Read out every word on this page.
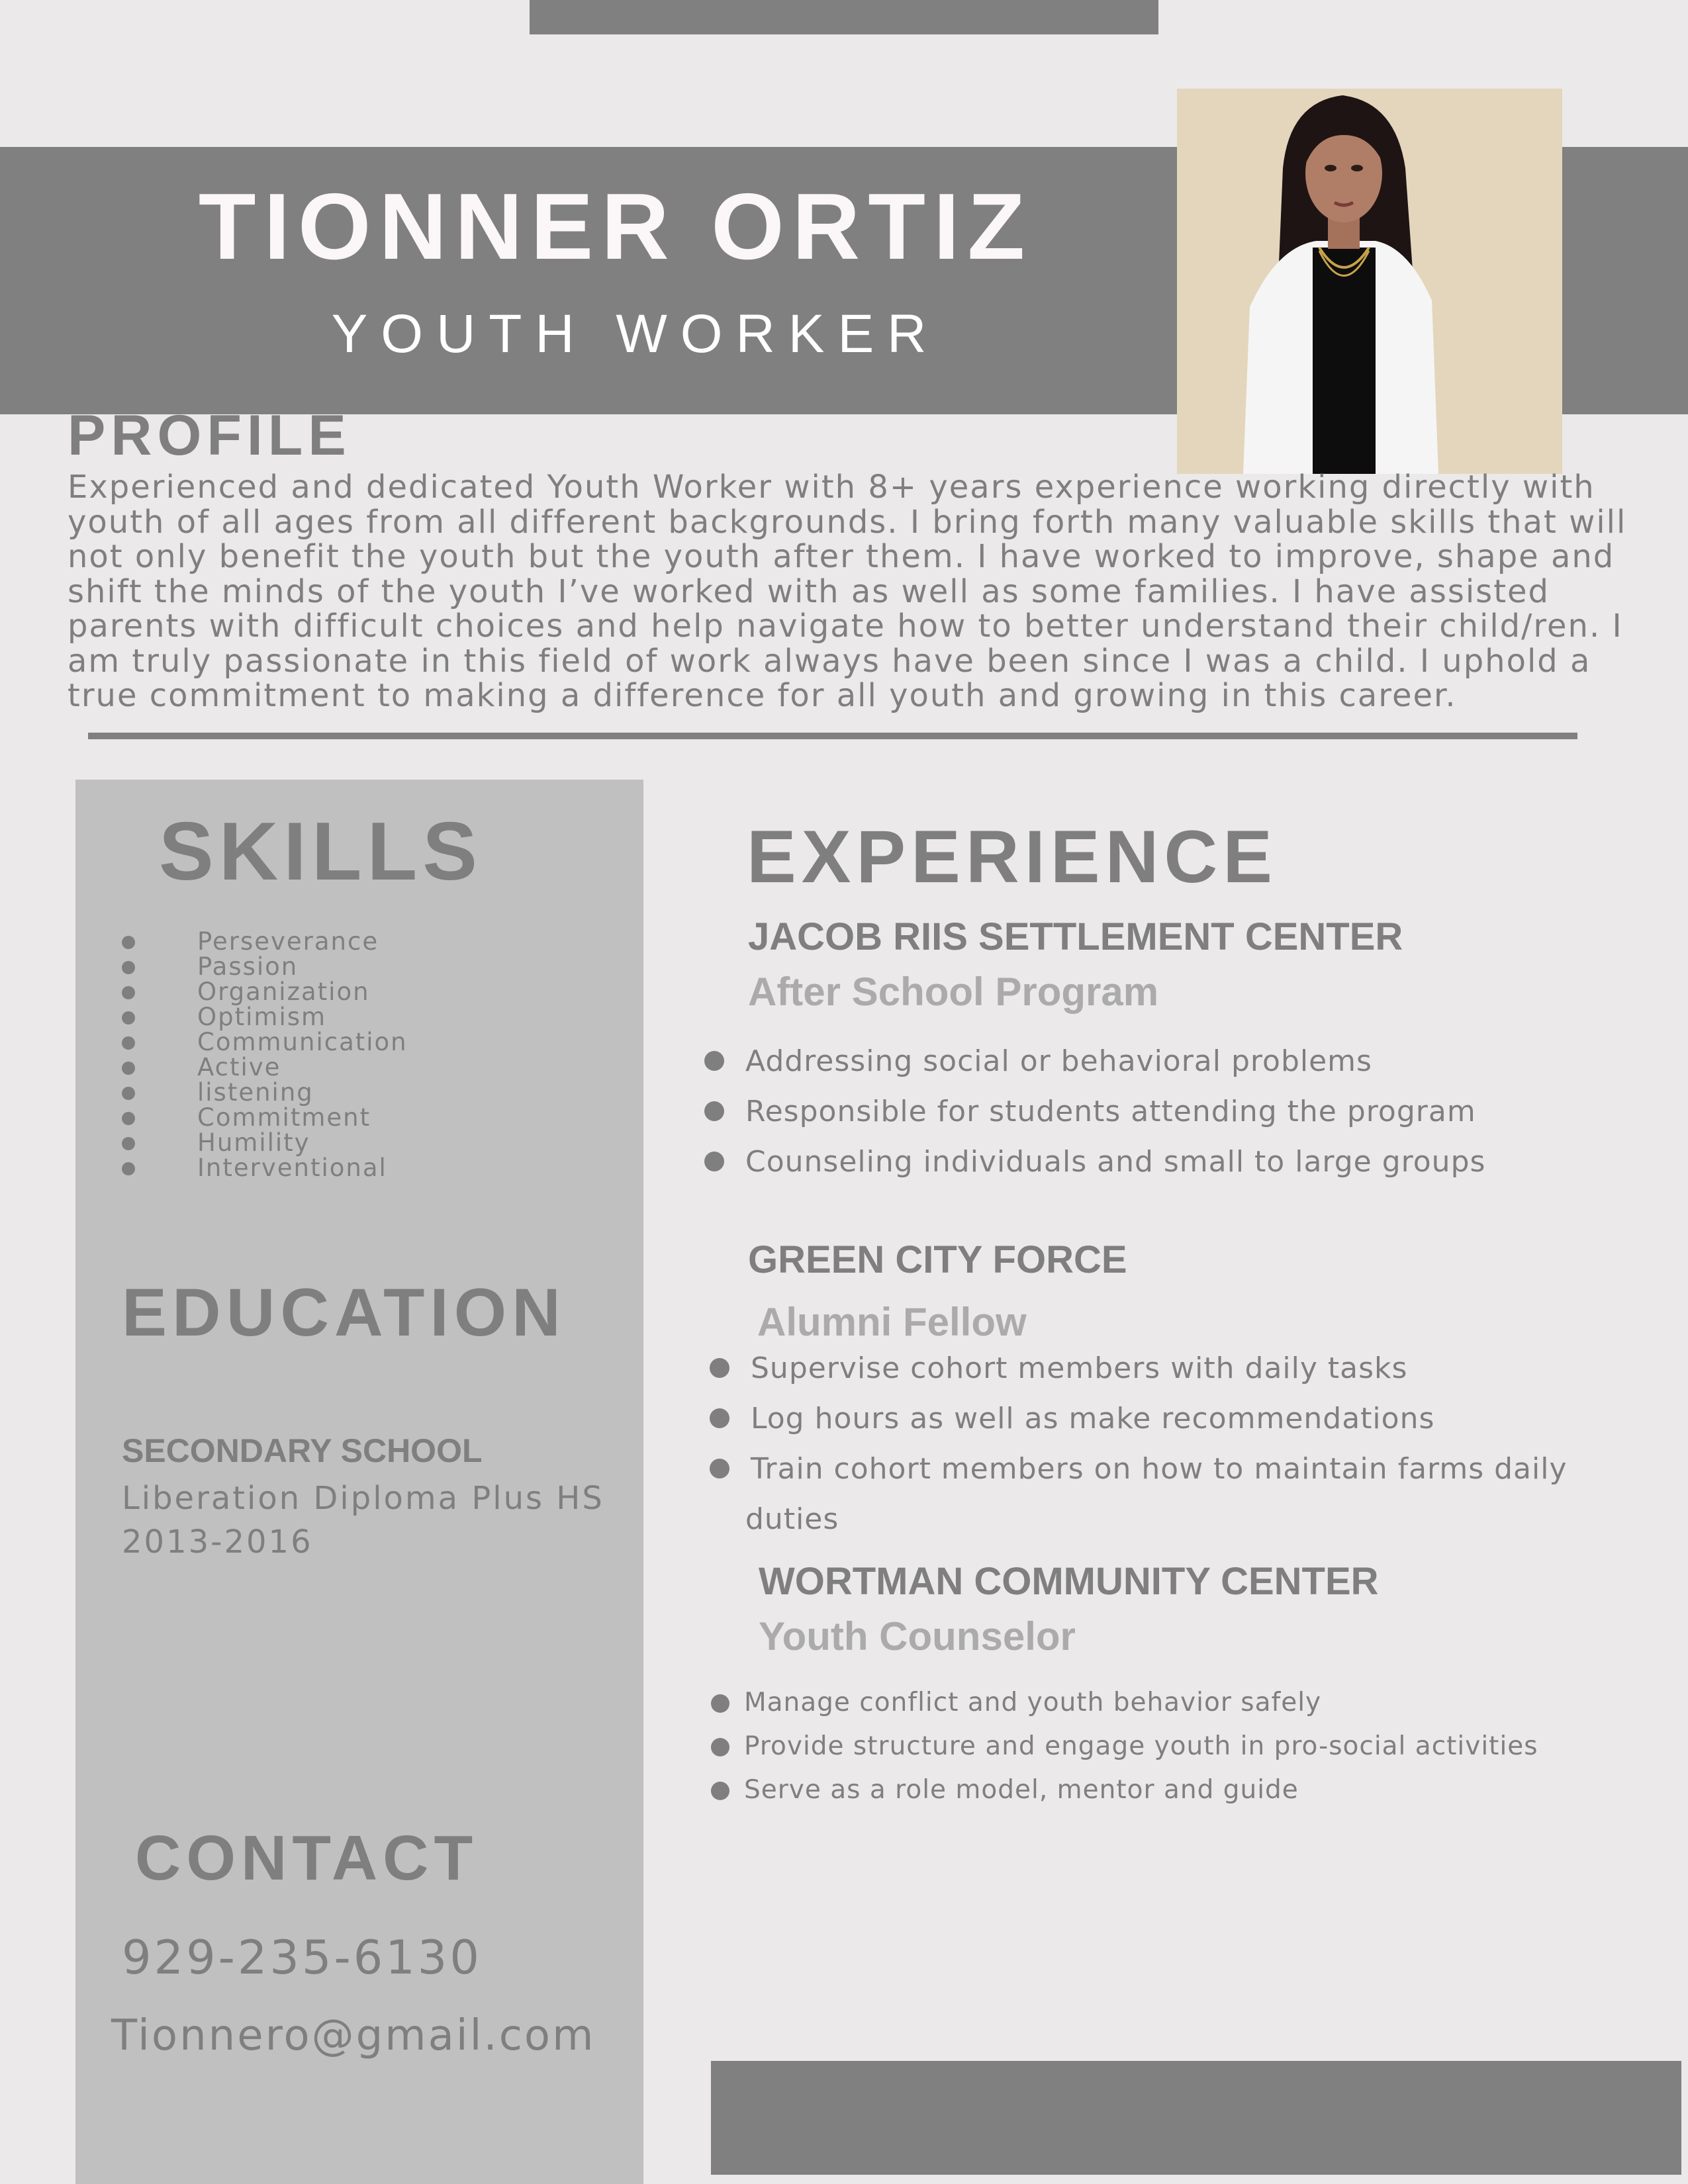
TIONNER ORTIZ
YOUTH WORKER
PROFILE
Experienced and dedicated Youth Worker with 8+ years experience working directly with
youth of all ages from all different backgrounds. I bring forth many valuable skills that will
not only benefit the youth but the youth after them. I have worked to improve, shape and
shift the minds of the youth I’ve worked with as well as some families. I have assisted
parents with difficult choices and help navigate how to better understand their child/ren. I
am truly passionate in this field of work always have been since I was a child. I uphold a
true commitment to making a difference for all youth and growing in this career.
SKILLS
Perseverance
Passion
Organization
Optimism
Communication
Active
listening
Commitment
Humility
Interventional
EDUCATION
SECONDARY SCHOOL
Liberation Diploma Plus HS
2013-2016
CONTACT
929-235-6130
Tionnero@gmail.com
EXPERIENCE
JACOB RIIS SETTLEMENT CENTER
After School Program
Addressing social or behavioral problems
Responsible for students attending the program
Counseling individuals and small to large groups
GREEN CITY FORCE
Alumni Fellow
Supervise cohort members with daily tasks
Log hours as well as make recommendations
Train cohort members on how to maintain farms daily
duties
WORTMAN COMMUNITY CENTER
Youth Counselor
Manage conflict and youth behavior safely
Provide structure and engage youth in pro-social activities
Serve as a role model, mentor and guide
